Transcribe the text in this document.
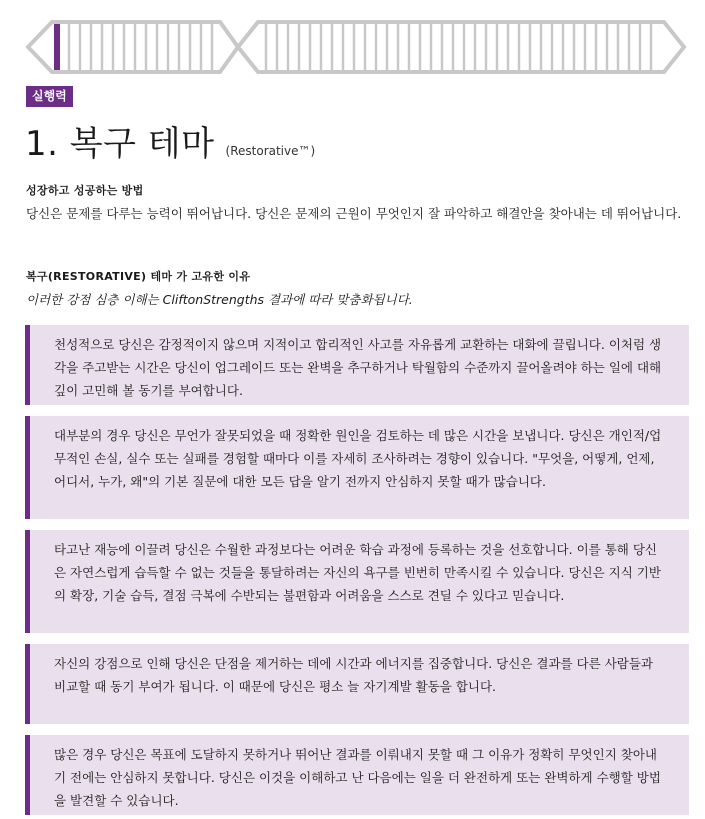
실행력
1. 복구 테마 (Restorative™)
성장하고 성공하는 방법
당신은 문제를 다루는 능력이 뛰어납니다. 당신은 문제의 근원이 무엇인지 잘 파악하고 해결안을 찾아내는 데 뛰어납니다.
복구(RESTORATIVE) 테마 가 고유한 이유
이러한 강점 심층 이해는 CliftonStrengths 결과에 따라 맞춤화됩니다.
천성적으로 당신은 감정적이지 않으며 지적이고 합리적인 사고를 자유롭게 교환하는 대화에 끌립니다. 이처럼 생각을 주고받는 시간은 당신이 업그레이드 또는 완벽을 추구하거나 탁월함의 수준까지 끌어올려야 하는 일에 대해 깊이 고민해 볼 동기를 부여합니다.
대부분의 경우 당신은 무언가 잘못되었을 때 정확한 원인을 검토하는 데 많은 시간을 보냅니다. 당신은 개인적/업무적인 손실, 실수 또는 실패를 경험할 때마다 이를 자세히 조사하려는 경향이 있습니다. "무엇을, 어떻게, 언제, 어디서, 누가, 왜"의 기본 질문에 대한 모든 답을 알기 전까지 안심하지 못할 때가 많습니다.
타고난 재능에 이끌려 당신은 수월한 과정보다는 어려운 학습 과정에 등록하는 것을 선호합니다. 이를 통해 당신은 자연스럽게 습득할 수 없는 것들을 통달하려는 자신의 욕구를 빈번히 만족시킬 수 있습니다. 당신은 지식 기반의 확장, 기술 습득, 결점 극복에 수반되는 불편함과 어려움을 스스로 견딜 수 있다고 믿습니다.
자신의 강점으로 인해 당신은 단점을 제거하는 데에 시간과 에너지를 집중합니다. 당신은 결과를 다른 사람들과 비교할 때 동기 부여가 됩니다. 이 때문에 당신은 평소 늘 자기계발 활동을 합니다.
많은 경우 당신은 목표에 도달하지 못하거나 뛰어난 결과를 이뤄내지 못할 때 그 이유가 정확히 무엇인지 찾아내기 전에는 안심하지 못합니다. 당신은 이것을 이해하고 난 다음에는 일을 더 완전하게 또는 완벽하게 수행할 방법을 발견할 수 있습니다.
